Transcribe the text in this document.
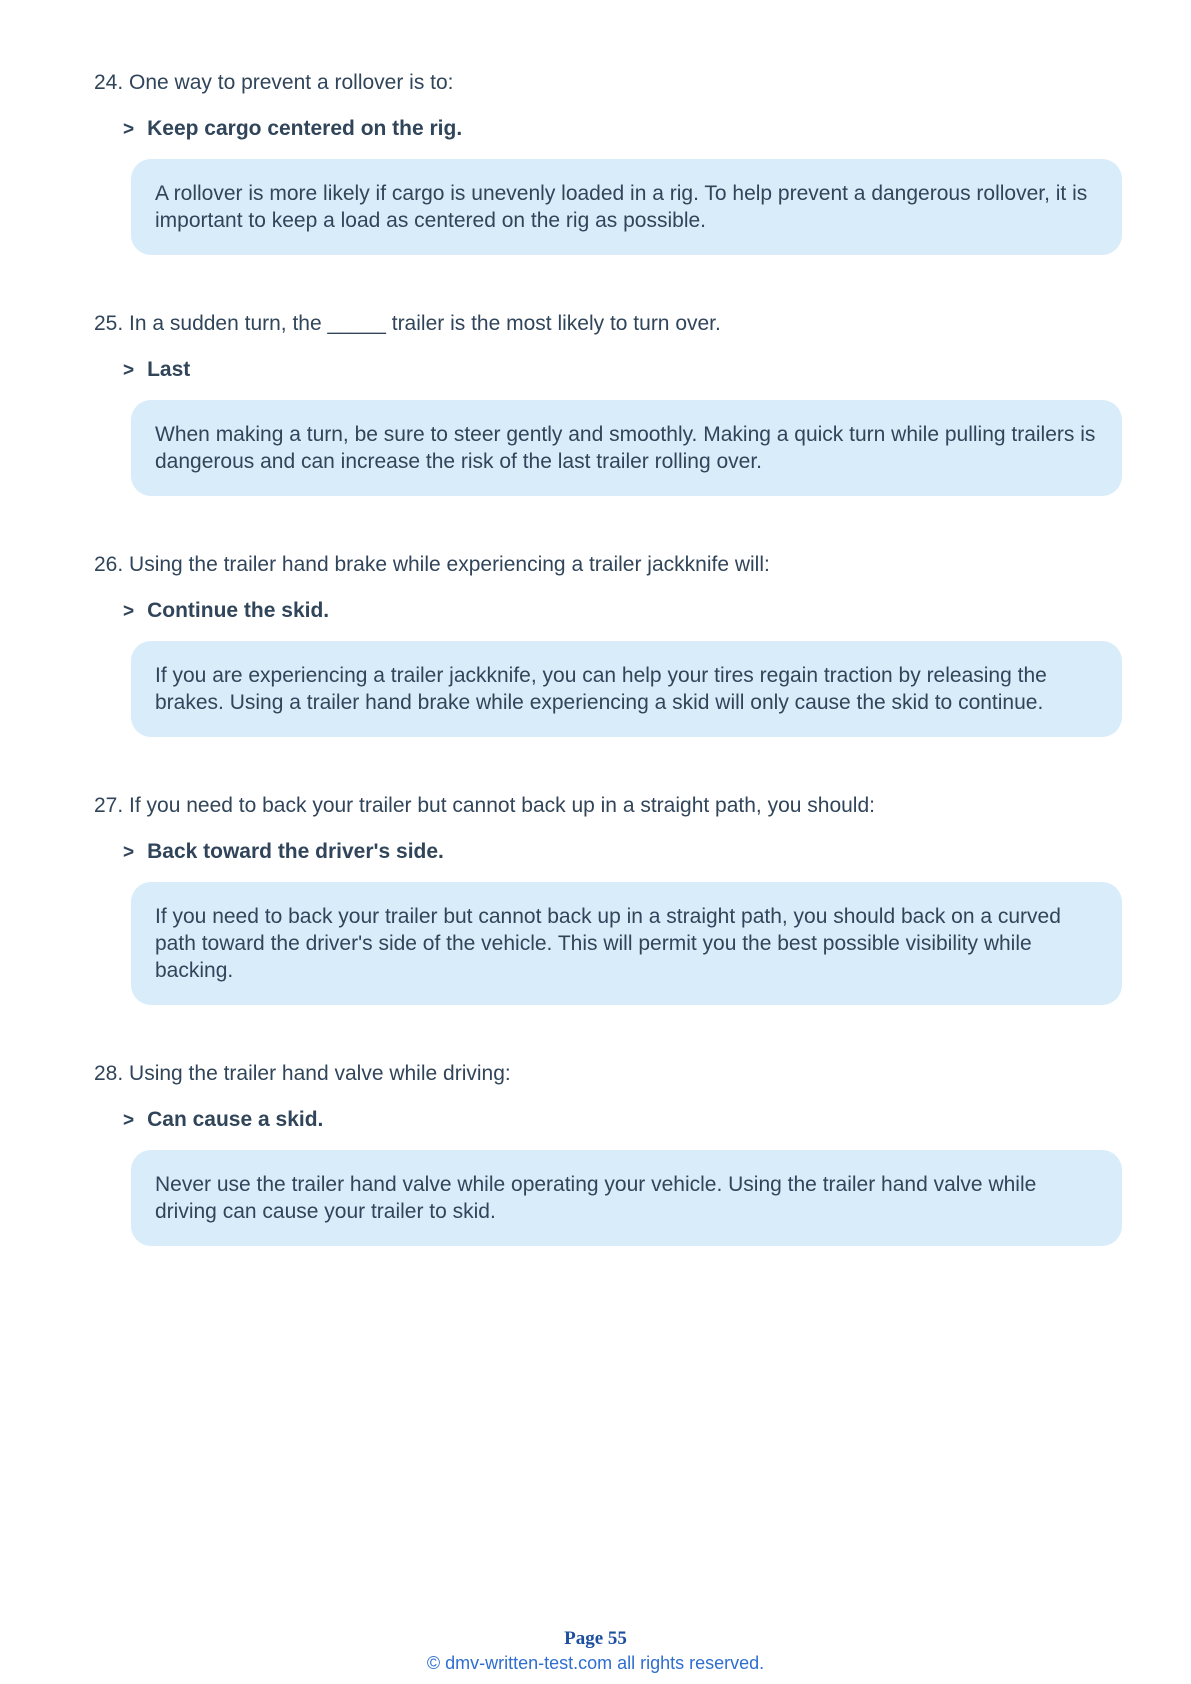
24. One way to prevent a rollover is to:

> Keep cargo centered on the rig.
A rollover is more likely if cargo is unevenly loaded in a rig. To help prevent a dangerous rollover, it is important to keep a load as centered on the rig as possible.

25. In a sudden turn, the _____ trailer is the most likely to turn over.

> Last
When making a turn, be sure to steer gently and smoothly. Making a quick turn while pulling trailers is dangerous and can increase the risk of the last trailer rolling over.

26. Using the trailer hand brake while experiencing a trailer jackknife will:

> Continue the skid.
If you are experiencing a trailer jackknife, you can help your tires regain traction by releasing the brakes. Using a trailer hand brake while experiencing a skid will only cause the skid to continue.

27. If you need to back your trailer but cannot back up in a straight path, you should:

> Back toward the driver's side.
If you need to back your trailer but cannot back up in a straight path, you should back on a curved path toward the driver's side of the vehicle. This will permit you the best possible visibility while backing.

28. Using the trailer hand valve while driving:

> Can cause a skid.
Never use the trailer hand valve while operating your vehicle. Using the trailer hand valve while driving can cause your trailer to skid.
Page 55
© dmv-written-test.com all rights reserved.
